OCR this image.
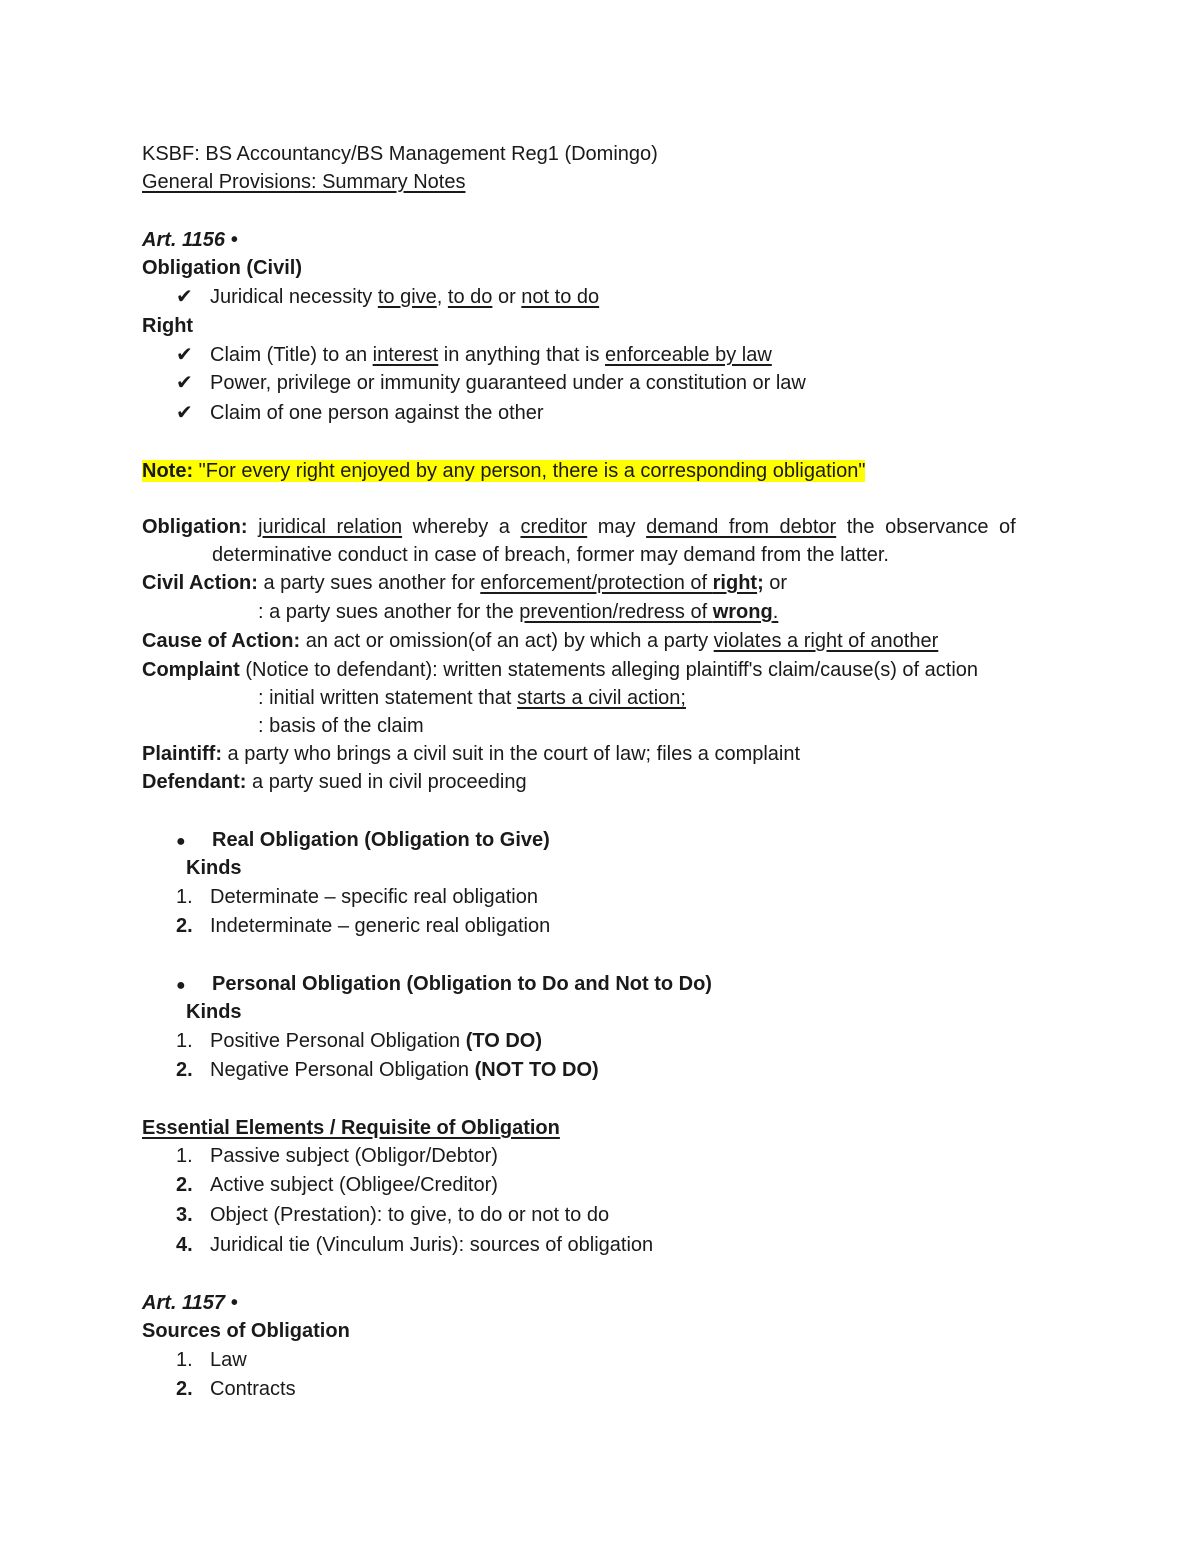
KSBF: BS Accountancy/BS Management Reg1 (Domingo)
General Provisions: Summary Notes
Art. 1156 •
Obligation (Civil)
✔ Juridical necessity to give, to do or not to do
Right
✔ Claim (Title) to an interest in anything that is enforceable by law
✔ Power, privilege or immunity guaranteed under a constitution or law
✔ Claim of one person against the other
Note: "For every right enjoyed by any person, there is a corresponding obligation"
Obligation: juridical relation whereby a creditor may demand from debtor the observance of
determinative conduct in case of breach, former may demand from the latter.
Civil Action: a party sues another for enforcement/protection of right; or
: a party sues another for the prevention/redress of wrong.
Cause of Action: an act or omission(of an act) by which a party violates a right of another
Complaint (Notice to defendant): written statements alleging plaintiff's claim/cause(s) of action
: initial written statement that starts a civil action;
: basis of the claim
Plaintiff: a party who brings a civil suit in the court of law; files a complaint
Defendant: a party sued in civil proceeding
● Real Obligation (Obligation to Give)
Kinds
1. Determinate – specific real obligation
2. Indeterminate – generic real obligation
● Personal Obligation (Obligation to Do and Not to Do)
Kinds
1. Positive Personal Obligation (TO DO)
2. Negative Personal Obligation (NOT TO DO)
Essential Elements / Requisite of Obligation
1. Passive subject (Obligor/Debtor)
2. Active subject (Obligee/Creditor)
3. Object (Prestation): to give, to do or not to do
4. Juridical tie (Vinculum Juris): sources of obligation
Art. 1157 •
Sources of Obligation
1. Law
2. Contracts
